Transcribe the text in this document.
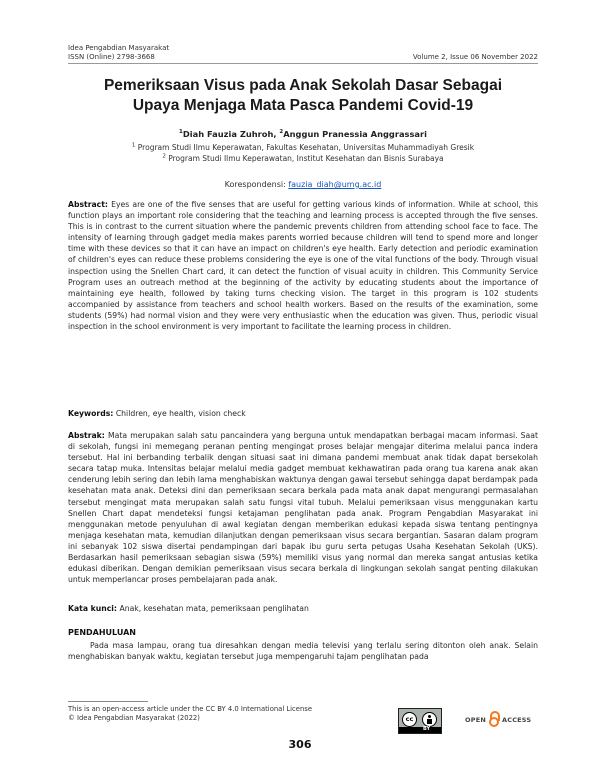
Idea Pengabdian Masyarakat
ISSN (Online) 2798-3668	Volume 2, Issue 06 November 2022
Pemeriksaan Visus pada Anak Sekolah Dasar Sebagai
Upaya Menjaga Mata Pasca Pandemi Covid-19
$^1$Diah Fauzia Zuhroh, $^2$Anggun Pranessia Anggrassari
$^1$ Program Studi Ilmu Keperawatan, Fakultas Kesehatan, Universitas Muhammadiyah Gresik
$^2$ Program Studi Ilmu Keperawatan, Institut Kesehatan dan Bisnis Surabaya
Korespondensi: fauzia_diah@umg.ac.id
Abstract: Eyes are one of the five senses that are useful for getting various kinds of information. While at school, this function plays an important role considering that the teaching and learning process is accepted through the five senses. This is in contrast to the current situation where the pandemic prevents children from attending school face to face. The intensity of learning through gadget media makes parents worried because children will tend to spend more and longer time with these devices so that it can have an impact on children's eye health. Early detection and periodic examination of children's eyes can reduce these problems considering the eye is one of the vital functions of the body. Through visual inspection using the Snellen Chart card, it can detect the function of visual acuity in children. This Community Service Program uses an outreach method at the beginning of the activity by educating students about the importance of maintaining eye health, followed by taking turns checking vision. The target in this program is 102 students accompanied by assistance from teachers and school health workers. Based on the results of the examination, some students (59%) had normal vision and they were very enthusiastic when the education was given. Thus, periodic visual inspection in the school environment is very important to facilitate the learning process in children.
Keywords: Children, eye health, vision check
Abstrak: Mata merupakan salah satu pancaindera yang berguna untuk mendapatkan berbagai macam informasi. Saat di sekolah, fungsi ini memegang peranan penting mengingat proses belajar mengajar diterima melalui panca indera tersebut. Hal ini berbanding terbalik dengan situasi saat ini dimana pandemi membuat anak tidak dapat bersekolah secara tatap muka. Intensitas belajar melalui media gadget membuat kekhawatiran pada orang tua karena anak akan cenderung lebih sering dan lebih lama menghabiskan waktunya dengan gawai tersebut sehingga dapat berdampak pada kesehatan mata anak. Deteksi dini dan pemeriksaan secara berkala pada mata anak dapat mengurangi permasalahan tersebut mengingat mata merupakan salah satu fungsi vital tubuh. Melalui pemeriksaan visus menggunakan kartu Snellen Chart dapat mendeteksi fungsi ketajaman penglihatan pada anak. Program Pengabdian Masyarakat ini menggunakan metode penyuluhan di awal kegiatan dengan memberikan edukasi kepada siswa tentang pentingnya menjaga kesehatan mata, kemudian dilanjutkan dengan pemeriksaan visus secara bergantian. Sasaran dalam program ini sebanyak 102 siswa disertai pendampingan dari bapak ibu guru serta petugas Usaha Kesehatan Sekolah (UKS). Berdasarkan hasil pemeriksaan sebagian siswa (59%) memiliki visus yang normal dan mereka sangat antusias ketika edukasi diberikan. Dengan demikian pemeriksaan visus secara berkala di lingkungan sekolah sangat penting dilakukan untuk memperlancar proses pembelajaran pada anak.
Kata kunci: Anak, kesehatan mata, pemeriksaan penglihatan
PENDAHULUAN
Pada masa lampau, orang tua diresahkan dengan media televisi yang terlalu sering ditonton oleh anak. Selain menghabiskan banyak waktu, kegiatan tersebut juga mempengaruhi tajam penglihatan pada
This is an open-access article under the CC BY 4.0 International License
© Idea Pengabdian Masyarakat (2022)	cc
BY
OPEN ACCESS
306
